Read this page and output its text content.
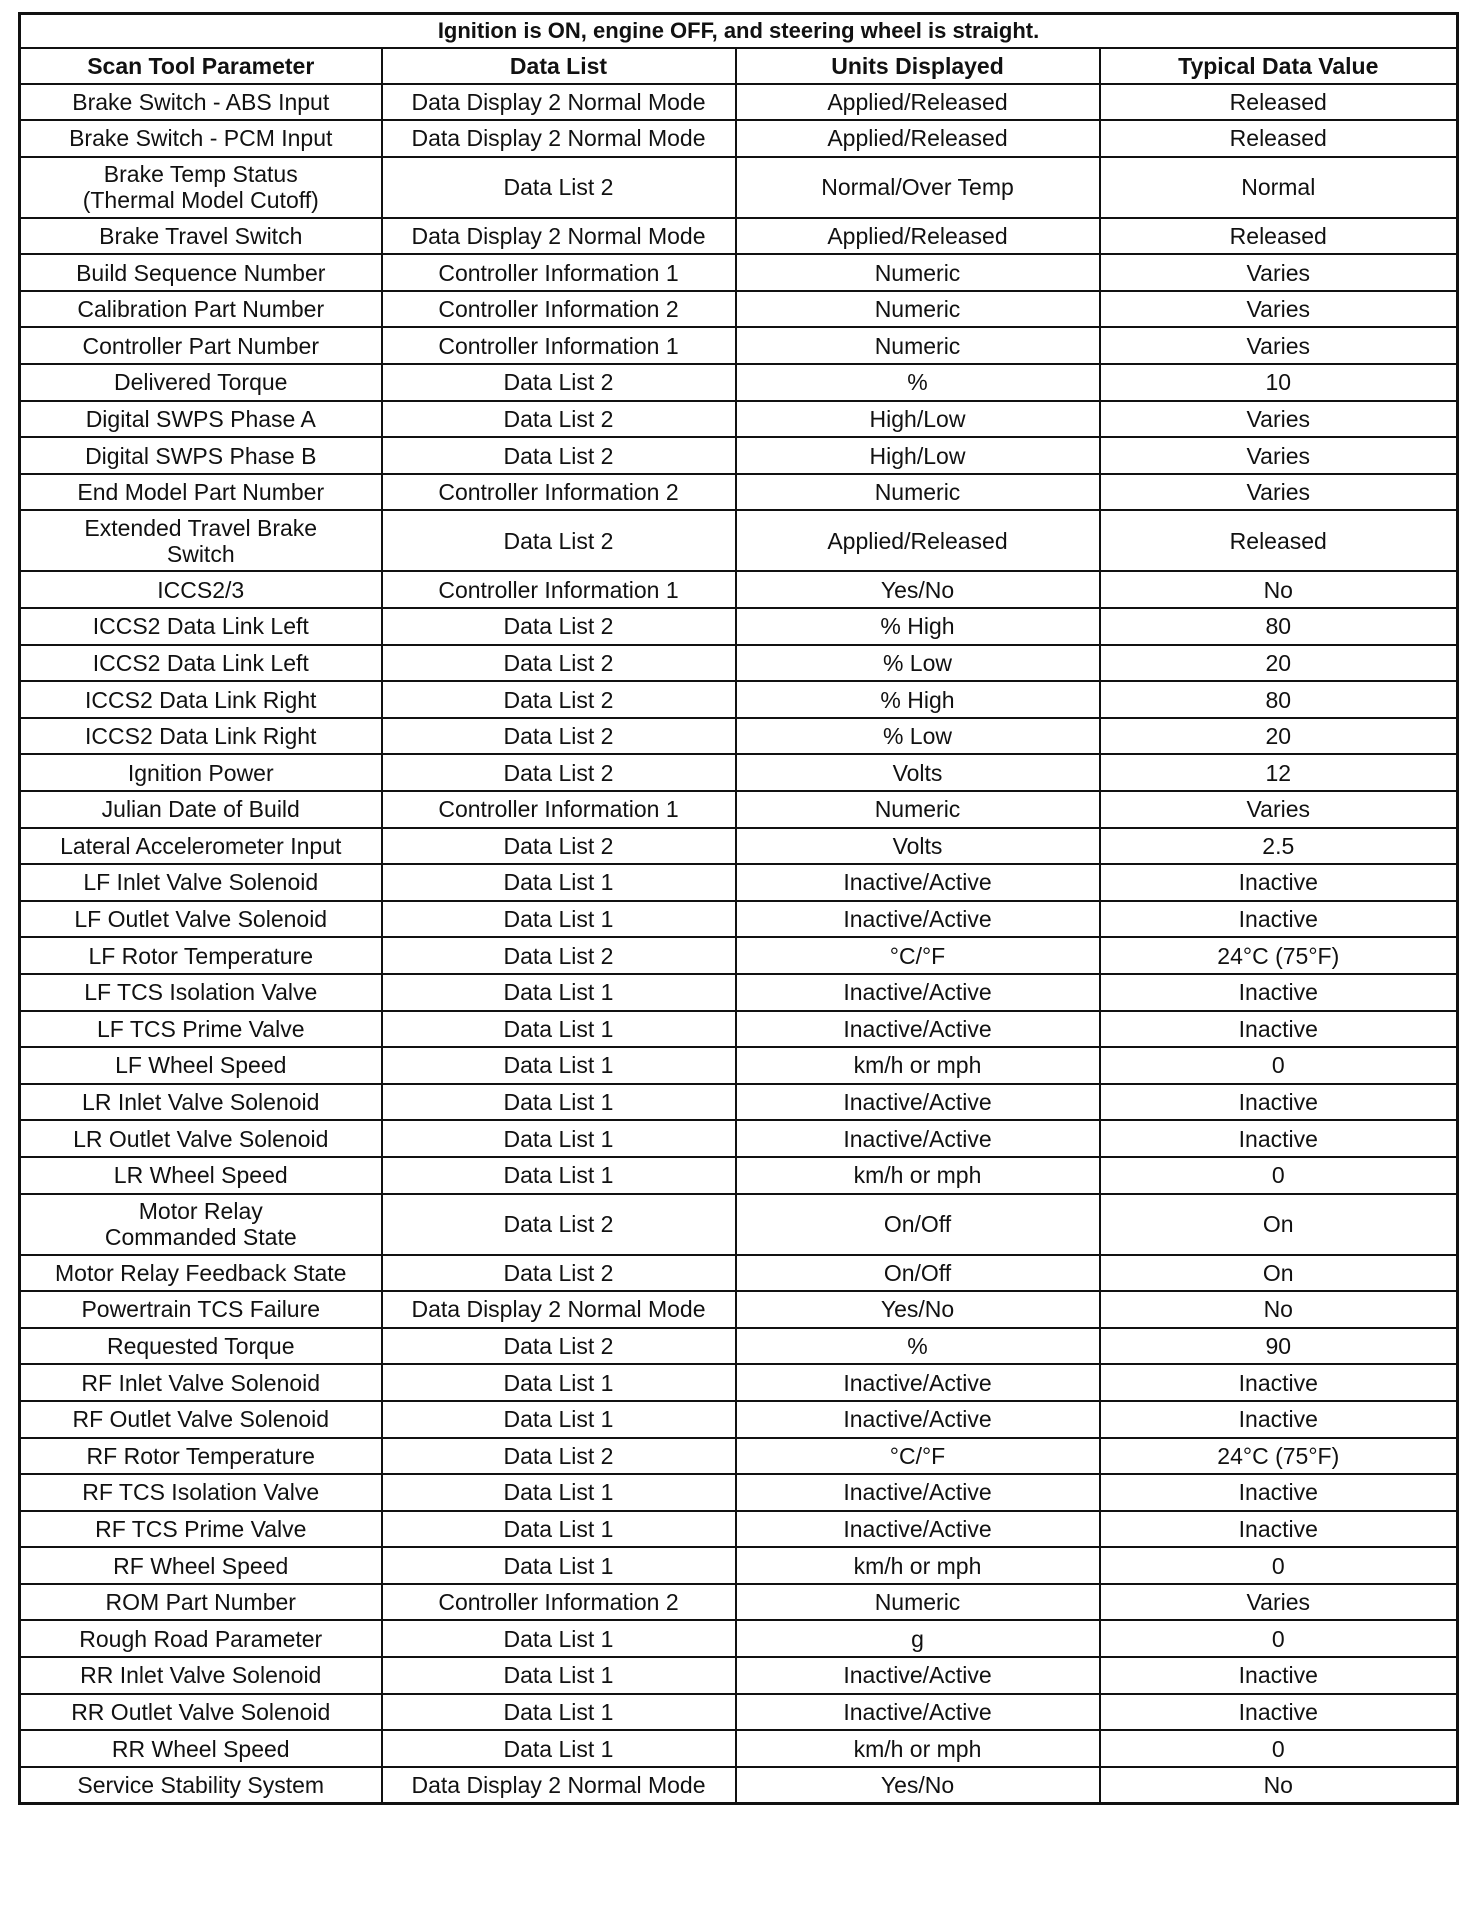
Ignition is ON, engine OFF, and steering wheel is straight.			
Scan Tool Parameter	Data List	Units Displayed	Typical Data Value
Brake Switch - ABS Input	Data Display 2 Normal Mode	Applied/Released	Released
Brake Switch - PCM Input	Data Display 2 Normal Mode	Applied/Released	Released
Brake Temp Status
(Thermal Model Cutoff)	Data List 2	Normal/Over Temp	Normal
Brake Travel Switch	Data Display 2 Normal Mode	Applied/Released	Released
Build Sequence Number	Controller Information 1	Numeric	Varies
Calibration Part Number	Controller Information 2	Numeric	Varies
Controller Part Number	Controller Information 1	Numeric	Varies
Delivered Torque	Data List 2	%	10
Digital SWPS Phase A	Data List 2	High/Low	Varies
Digital SWPS Phase B	Data List 2	High/Low	Varies
End Model Part Number	Controller Information 2	Numeric	Varies
Extended Travel Brake
Switch	Data List 2	Applied/Released	Released
ICCS2/3	Controller Information 1	Yes/No	No
ICCS2 Data Link Left	Data List 2	% High	80
ICCS2 Data Link Left	Data List 2	% Low	20
ICCS2 Data Link Right	Data List 2	% High	80
ICCS2 Data Link Right	Data List 2	% Low	20
Ignition Power	Data List 2	Volts	12
Julian Date of Build	Controller Information 1	Numeric	Varies
Lateral Accelerometer Input	Data List 2	Volts	2.5
LF Inlet Valve Solenoid	Data List 1	Inactive/Active	Inactive
LF Outlet Valve Solenoid	Data List 1	Inactive/Active	Inactive
LF Rotor Temperature	Data List 2	°C/°F	24°C (75°F)
LF TCS Isolation Valve	Data List 1	Inactive/Active	Inactive
LF TCS Prime Valve	Data List 1	Inactive/Active	Inactive
LF Wheel Speed	Data List 1	km/h or mph	0
LR Inlet Valve Solenoid	Data List 1	Inactive/Active	Inactive
LR Outlet Valve Solenoid	Data List 1	Inactive/Active	Inactive
LR Wheel Speed	Data List 1	km/h or mph	0
Motor Relay
Commanded State	Data List 2	On/Off	On
Motor Relay Feedback State	Data List 2	On/Off	On
Powertrain TCS Failure	Data Display 2 Normal Mode	Yes/No	No
Requested Torque	Data List 2	%	90
RF Inlet Valve Solenoid	Data List 1	Inactive/Active	Inactive
RF Outlet Valve Solenoid	Data List 1	Inactive/Active	Inactive
RF Rotor Temperature	Data List 2	°C/°F	24°C (75°F)
RF TCS Isolation Valve	Data List 1	Inactive/Active	Inactive
RF TCS Prime Valve	Data List 1	Inactive/Active	Inactive
RF Wheel Speed	Data List 1	km/h or mph	0
ROM Part Number	Controller Information 2	Numeric	Varies
Rough Road Parameter	Data List 1	g	0
RR Inlet Valve Solenoid	Data List 1	Inactive/Active	Inactive
RR Outlet Valve Solenoid	Data List 1	Inactive/Active	Inactive
RR Wheel Speed	Data List 1	km/h or mph	0
Service Stability System	Data Display 2 Normal Mode	Yes/No	No
